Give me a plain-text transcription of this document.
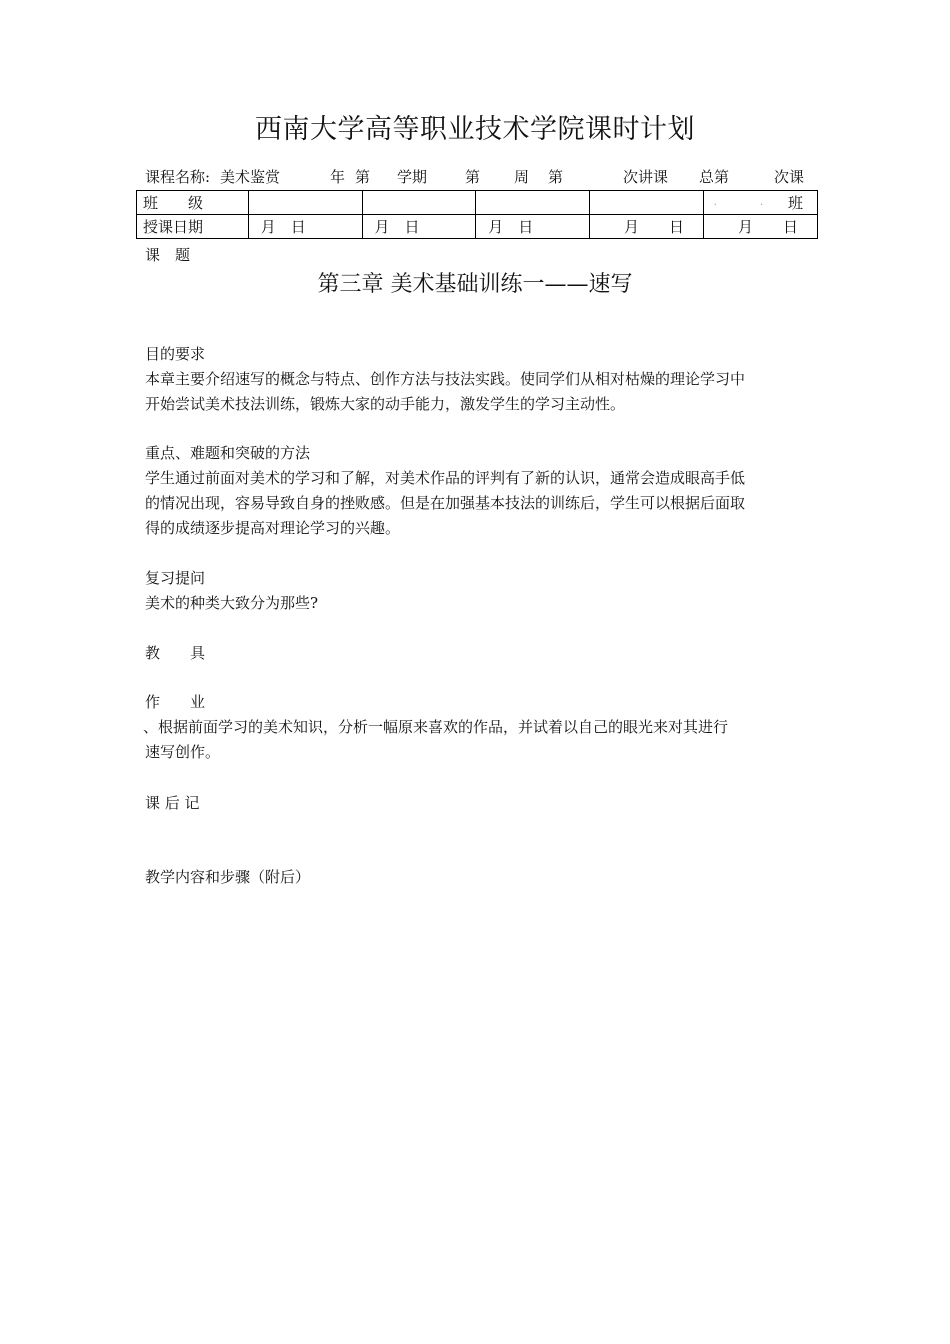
西南大学高等职业技术学院课时计划
课程名称: 美术鉴赏	年 第 学期	第 周 第	次讲课 总第	次课
班　　级					· · 班
授课日期	月　日	月　日	月　日	月　　日	月　　日
课　题
第三章 美术基础训练一——速写
目的要求
本章主要介绍速写的概念与特点、创作方法与技法实践。使同学们从相对枯燥的理论学习中
开始尝试美术技法训练，锻炼大家的动手能力，激发学生的学习主动性。
重点、难题和突破的方法
学生通过前面对美术的学习和了解，对美术作品的评判有了新的认识，通常会造成眼高手低
的情况出现，容易导致自身的挫败感。但是在加强基本技法的训练后，学生可以根据后面取
得的成绩逐步提高对理论学习的兴趣。
复习提问
美术的种类大致分为那些?
教　　具
作　　业
、根据前面学习的美术知识，分析一幅原来喜欢的作品，并试着以自己的眼光来对其进行
速写创作。
课 后 记
教学内容和步骤（附后）
